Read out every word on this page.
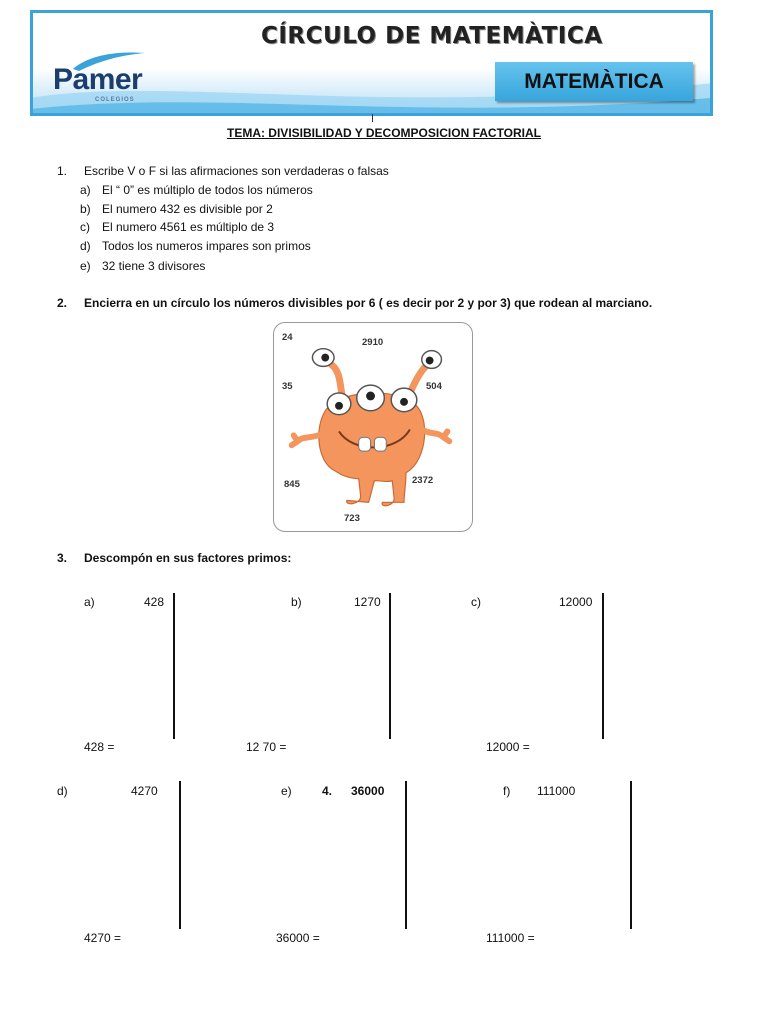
CÍRCULO DE MATEMÀTICA
Pamer
COLEGIOS
MATEMÀTICA
TEMA: DIVISIBILIDAD Y DECOMPOSICION FACTORIAL
1. Escribe V o F si las afirmaciones son verdaderas o falsas
a) El “ 0” es múltiplo de todos los números
b) El numero 432 es divisible por 2
c) El numero 4561 es múltiplo de 3
d) Todos los numeros impares son primos
e) 32 tiene 3 divisores
2. Encierra en un círculo los números divisibles por 6 ( es decir por 2 y por 3) que rodean al marciano.
24	2910
35	504
845	2372
723
3. Descompón en sus factores primos:
a)	428
428 =
b)	1270
12 70 =
c)	12000
12000 =
d)	4270
4270 =
e)	4. 36000
36000 =
f) 111000
111000 =
